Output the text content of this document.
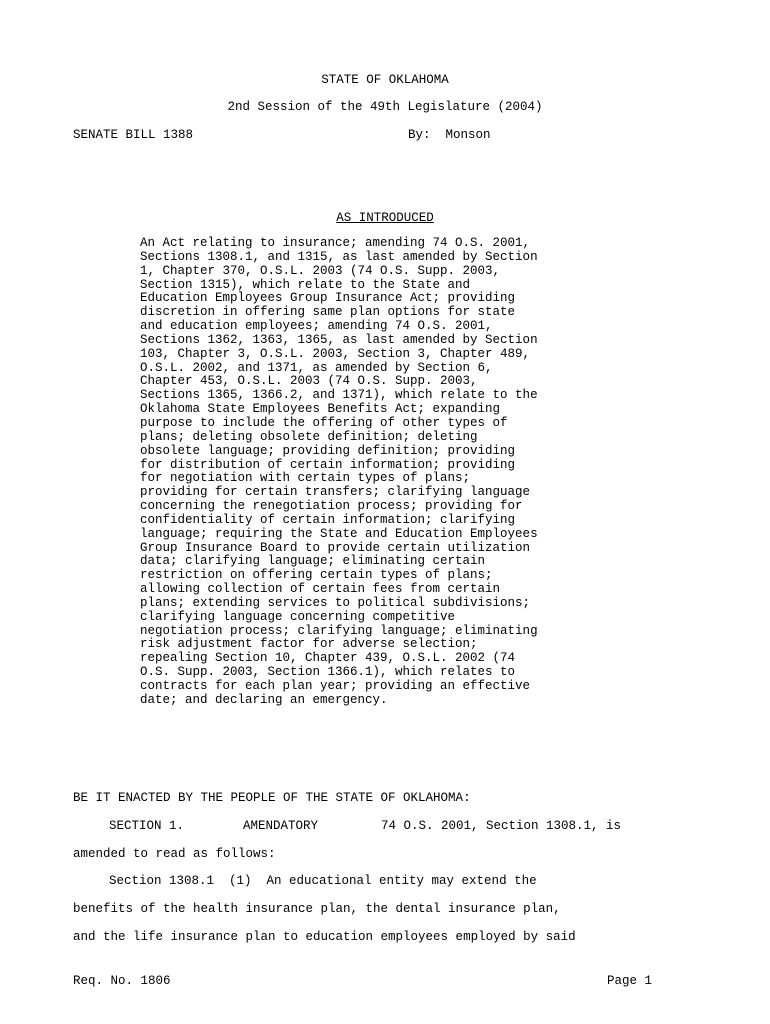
STATE OF OKLAHOMA
2nd Session of the 49th Legislature (2004)
SENATE BILL 1388	By:  Monson
AS INTRODUCED
An Act relating to insurance; amending 74 O.S. 2001,
Sections 1308.1, and 1315, as last amended by Section
1, Chapter 370, O.S.L. 2003 (74 O.S. Supp. 2003,
Section 1315), which relate to the State and
Education Employees Group Insurance Act; providing
discretion in offering same plan options for state
and education employees; amending 74 O.S. 2001,
Sections 1362, 1363, 1365, as last amended by Section
103, Chapter 3, O.S.L. 2003, Section 3, Chapter 489,
O.S.L. 2002, and 1371, as amended by Section 6,
Chapter 453, O.S.L. 2003 (74 O.S. Supp. 2003,
Sections 1365, 1366.2, and 1371), which relate to the
Oklahoma State Employees Benefits Act; expanding
purpose to include the offering of other types of
plans; deleting obsolete definition; deleting
obsolete language; providing definition; providing
for distribution of certain information; providing
for negotiation with certain types of plans;
providing for certain transfers; clarifying language
concerning the renegotiation process; providing for
confidentiality of certain information; clarifying
language; requiring the State and Education Employees
Group Insurance Board to provide certain utilization
data; clarifying language; eliminating certain
restriction on offering certain types of plans;
allowing collection of certain fees from certain
plans; extending services to political subdivisions;
clarifying language concerning competitive
negotiation process; clarifying language; eliminating
risk adjustment factor for adverse selection;
repealing Section 10, Chapter 439, O.S.L. 2002 (74
O.S. Supp. 2003, Section 1366.1), which relates to
contracts for each plan year; providing an effective
date; and declaring an emergency.
BE IT ENACTED BY THE PEOPLE OF THE STATE OF OKLAHOMA:
SECTION 1.	AMENDATORY	74 O.S. 2001, Section 1308.1, is
amended to read as follows:
Section 1308.1  (1)  An educational entity may extend the
benefits of the health insurance plan, the dental insurance plan,
and the life insurance plan to education employees employed by said
Req. No. 1806	Page 1
